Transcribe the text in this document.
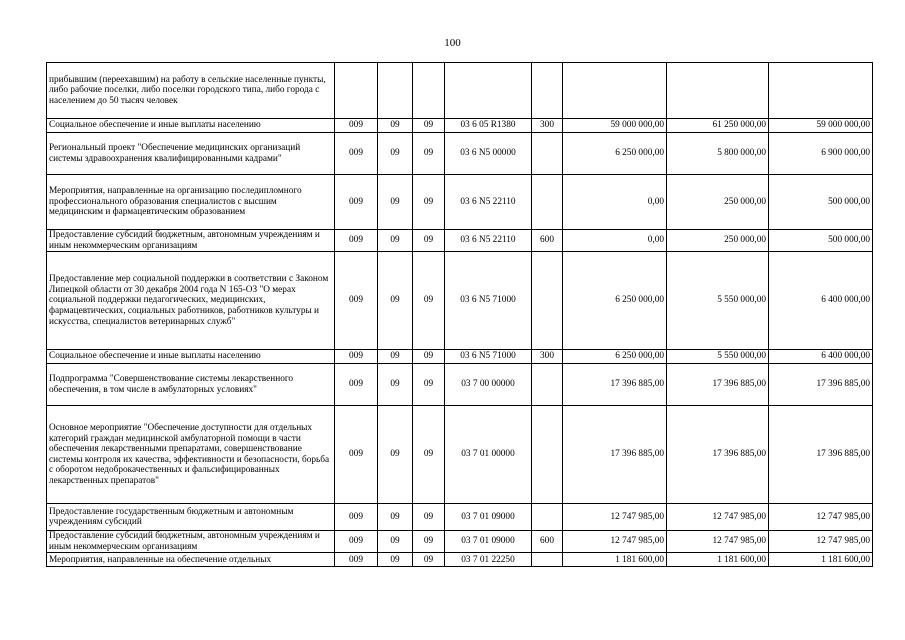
100
прибывшим (переехавшим) на работу в сельские населенные пункты, либо рабочие поселки, либо поселки городского типа, либо города с населением до 50 тысяч человек								
Социальное обеспечение и иные выплаты населению	009	09	09	03 6 05 R1380	300	59 000 000,00	61 250 000,00	59 000 000,00
Региональный проект "Обеспечение медицинских организаций системы здравоохранения квалифицированными кадрами"	009	09	09	03 6 N5 00000		6 250 000,00	5 800 000,00	6 900 000,00
Мероприятия, направленные на организацию последипломного профессионального образования специалистов с высшим медицинским и фармацевтическим образованием	009	09	09	03 6 N5 22110		0,00	250 000,00	500 000,00
Предоставление субсидий бюджетным, автономным учреждениям и иным некоммерческим организациям	009	09	09	03 6 N5 22110	600	0,00	250 000,00	500 000,00
Предоставление мер социальной поддержки в соответствии с Законом Липецкой области от 30 декабря 2004 года N 165-ОЗ "О мерах социальной поддержки педагогических, медицинских, фармацевтических, социальных работников, работников культуры и искусства, специалистов ветеринарных служб"	009	09	09	03 6 N5 71000		6 250 000,00	5 550 000,00	6 400 000,00
Социальное обеспечение и иные выплаты населению	009	09	09	03 6 N5 71000	300	6 250 000,00	5 550 000,00	6 400 000,00
Подпрограмма "Совершенствование системы лекарственного обеспечения, в том числе в амбулаторных условиях"	009	09	09	03 7 00 00000		17 396 885,00	17 396 885,00	17 396 885,00
Основное мероприятие "Обеспечение доступности для отдельных категорий граждан медицинской амбулаторной помощи в части обеспечения лекарственными препаратами, совершенствование системы контроля их качества, эффективности и безопасности, борьба с оборотом недоброкачественных и фальсифицированных лекарственных препаратов"	009	09	09	03 7 01 00000		17 396 885,00	17 396 885,00	17 396 885,00
Предоставление государственным бюджетным и автономным учреждениям субсидий	009	09	09	03 7 01 09000		12 747 985,00	12 747 985,00	12 747 985,00
Предоставление субсидий бюджетным, автономным учреждениям и иным некоммерческим организациям	009	09	09	03 7 01 09000	600	12 747 985,00	12 747 985,00	12 747 985,00
Мероприятия, направленные на обеспечение отдельных	009	09	09	03 7 01 22250		1 181 600,00	1 181 600,00	1 181 600,00
